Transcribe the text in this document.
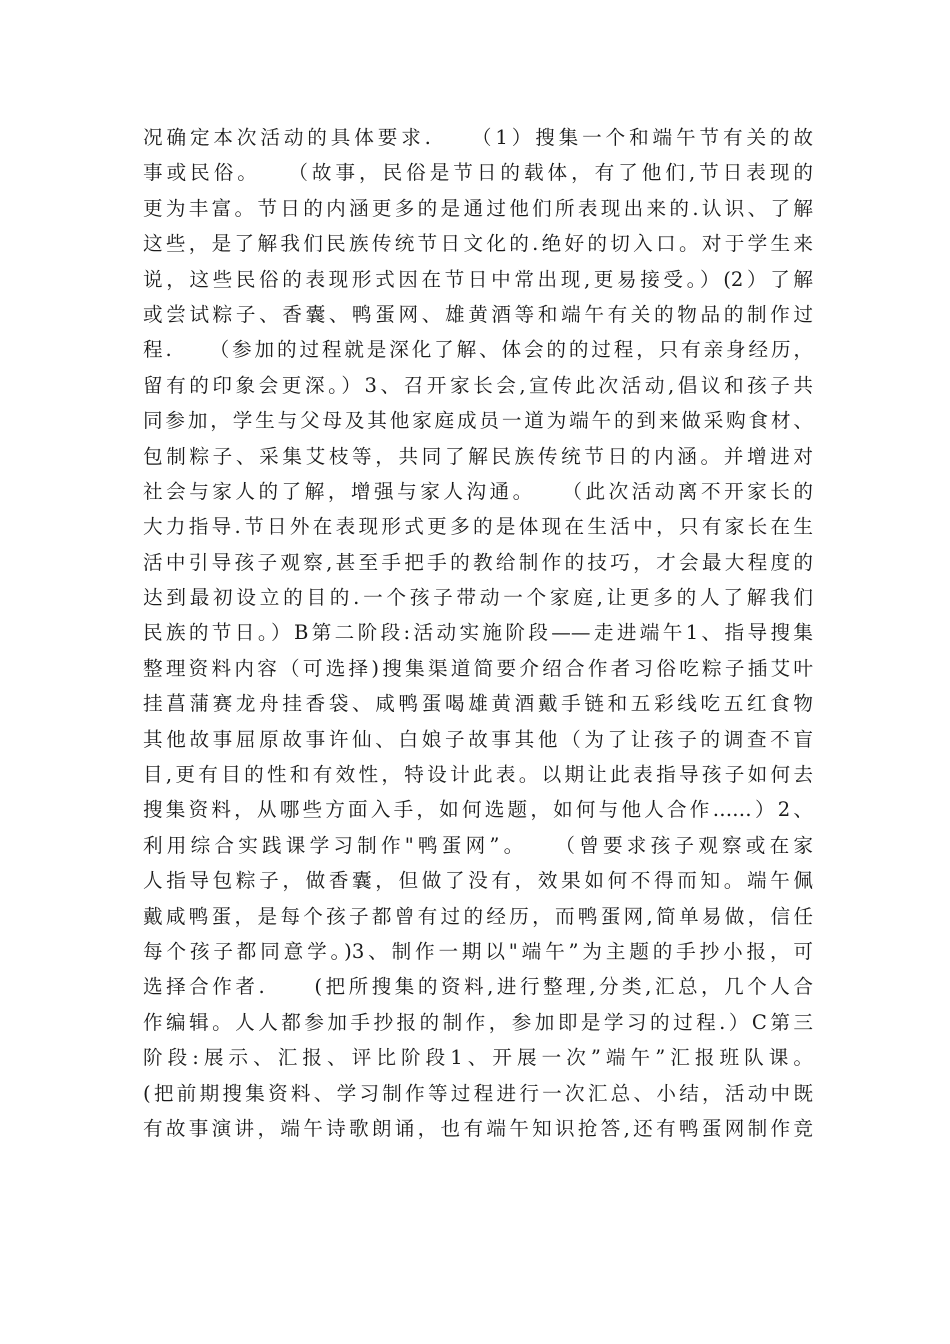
况确定本次活动的具体要求.　　（1）搜集一个和端午节有关的故
事或民俗。　　（故事，民俗是节日的载体，有了他们,节日表现的
更为丰富。节日的内涵更多的是通过他们所表现出来的.认识、了解
这些，是了解我们民族传统节日文化的.绝好的切入口。对于学生来
说，这些民俗的表现形式因在节日中常出现,更易接受。）(2）了解
或尝试粽子、香囊、鸭蛋网、雄黄酒等和端午有关的物品的制作过
程.　　（参加的过程就是深化了解、体会的的过程，只有亲身经历，
留有的印象会更深。）3、召开家长会,宣传此次活动,倡议和孩子共
同参加，学生与父母及其他家庭成员一道为端午的到来做采购食材、
包制粽子、采集艾枝等，共同了解民族传统节日的内涵。并增进对
社会与家人的了解，增强与家人沟通。　　（此次活动离不开家长的
大力指导.节日外在表现形式更多的是体现在生活中，只有家长在生
活中引导孩子观察,甚至手把手的教给制作的技巧，才会最大程度的
达到最初设立的目的.一个孩子带动一个家庭,让更多的人了解我们
民族的节日。）B第二阶段:活动实施阶段——走进端午1、指导搜集
整理资料内容（可选择)搜集渠道简要介绍合作者习俗吃粽子插艾叶
挂菖蒲赛龙舟挂香袋、咸鸭蛋喝雄黄酒戴手链和五彩线吃五红食物
其他故事屈原故事许仙、白娘子故事其他（为了让孩子的调查不盲
目,更有目的性和有效性，特设计此表。以期让此表指导孩子如何去
搜集资料，从哪些方面入手，如何选题，如何与他人合作……）2、
利用综合实践课学习制作"鸭蛋网”。　　（曾要求孩子观察或在家
人指导包粽子，做香囊，但做了没有，效果如何不得而知。端午佩
戴咸鸭蛋，是每个孩子都曾有过的经历，而鸭蛋网,简单易做，信任
每个孩子都同意学。)3、制作一期以"端午”为主题的手抄小报，可
选择合作者.　　(把所搜集的资料,进行整理,分类,汇总，几个人合
作编辑。人人都参加手抄报的制作，参加即是学习的过程.）C第三
阶段:展示、汇报、评比阶段1、开展一次”端午”汇报班队课。
(把前期搜集资料、学习制作等过程进行一次汇总、小结，活动中既
有故事演讲，端午诗歌朗诵，也有端午知识抢答,还有鸭蛋网制作竞
